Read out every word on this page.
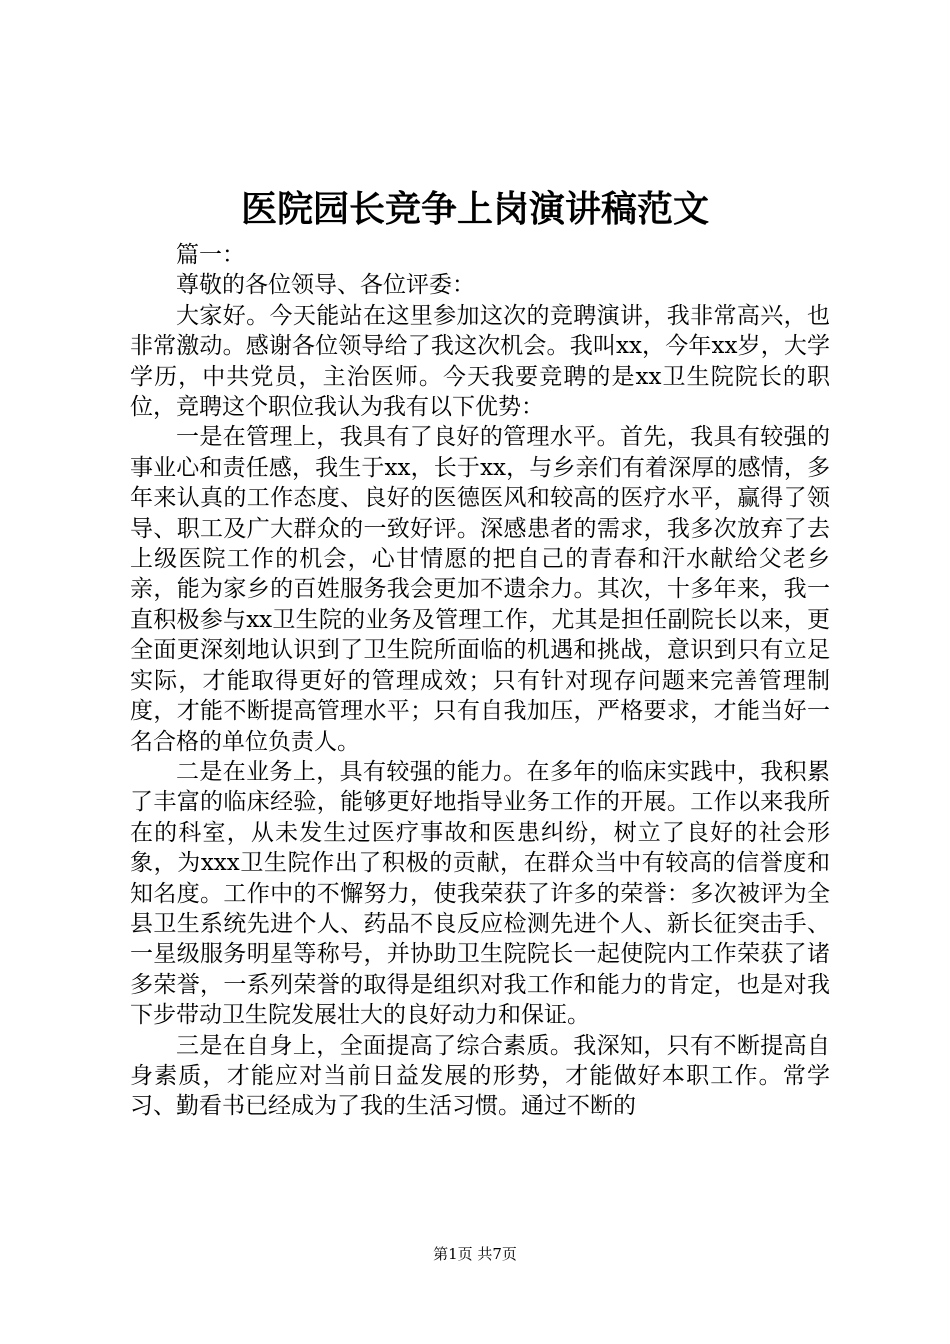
医院园长竞争上岗演讲稿范文

篇一：

尊敬的各位领导、各位评委：

大家好。今天能站在这里参加这次的竞聘演讲，我非常高兴，也非常激动。感谢各位领导给了我这次机会。我叫xx，今年xx岁，大学学历，中共党员，主治医师。今天我要竞聘的是xx卫生院院长的职位，竞聘这个职位我认为我有以下优势：

一是在管理上，我具有了良好的管理水平。首先，我具有较强的事业心和责任感，我生于xx，长于xx，与乡亲们有着深厚的感情，多年来认真的工作态度、良好的医德医风和较高的医疗水平，赢得了领导、职工及广大群众的一致好评。深感患者的需求，我多次放弃了去上级医院工作的机会，心甘情愿的把自己的青春和汗水献给父老乡亲，能为家乡的百姓服务我会更加不遗余力。其次，十多年来，我一直积极参与xx卫生院的业务及管理工作，尤其是担任副院长以来，更全面更深刻地认识到了卫生院所面临的机遇和挑战，意识到只有立足实际，才能取得更好的管理成效；只有针对现存问题来完善管理制度，才能不断提高管理水平；只有自我加压，严格要求，才能当好一名合格的单位负责人。

二是在业务上，具有较强的能力。在多年的临床实践中，我积累了丰富的临床经验，能够更好地指导业务工作的开展。工作以来我所在的科室，从未发生过医疗事故和医患纠纷，树立了良好的社会形象，为xxx卫生院作出了积极的贡献，在群众当中有较高的信誉度和知名度。工作中的不懈努力，使我荣获了许多的荣誉：多次被评为全县卫生系统先进个人、药品不良反应检测先进个人、新长征突击手、一星级服务明星等称号，并协助卫生院院长一起使院内工作荣获了诸多荣誉，一系列荣誉的取得是组织对我工作和能力的肯定，也是对我下步带动卫生院发展壮大的良好动力和保证。

三是在自身上，全面提高了综合素质。我深知，只有不断提高自身素质，才能应对当前日益发展的形势，才能做好本职工作。常学习、勤看书已经成为了我的生活习惯。通过不断的

第1页 共7页
